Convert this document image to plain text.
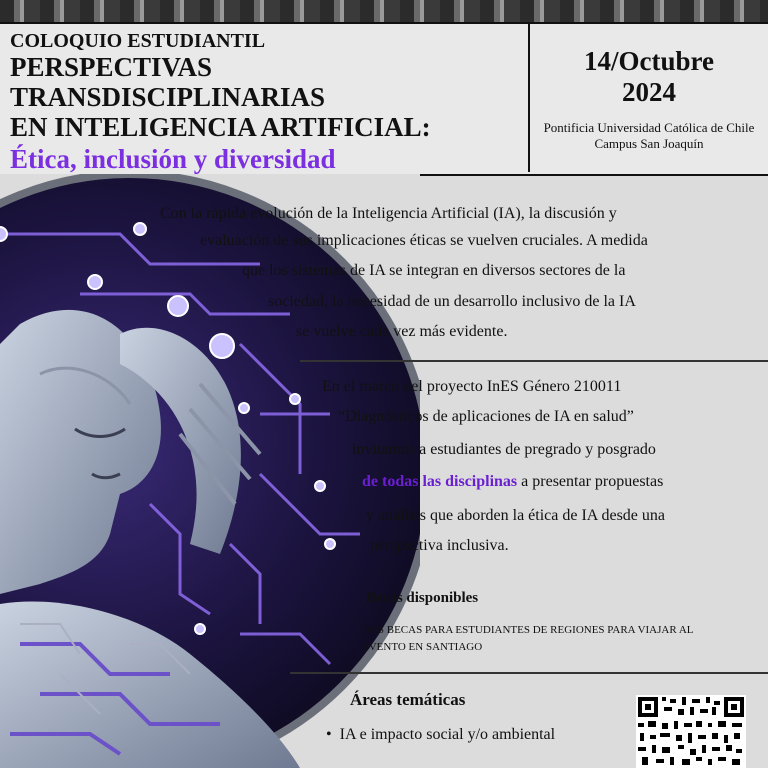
COLOQUIO ESTUDIANTIL
PERSPECTIVAS TRANSDISCIPLINARIAS
EN INTELIGENCIA ARTIFICIAL:
Ética, inclusión y diversidad
14/Octubre
2024
Pontificia Universidad Católica de Chile
Campus San Joaquín
Con la rápida evolución de la Inteligencia Artificial (IA), la discusión y
evaluación de sus implicaciones éticas se vuelven cruciales. A medida
que los sistemas de IA se integran en diversos sectores de la
sociedad, la necesidad de un desarrollo inclusivo de la IA
se vuelve cada vez más evidente.
En el marco del proyecto InES Género 210011
“Diagnósticos de aplicaciones de IA en salud”
invitamos a estudiantes de pregrado y posgrado
de todas las disciplinas a presentar propuestas
y análisis que aborden la ética de IA desde una
perspectiva inclusiva.
Becas disponibles
DOS BECAS PARA ESTUDIANTES DE REGIONES PARA VIAJAR AL
EVENTO EN SANTIAGO
Áreas temáticas
•  IA e impacto social y/o ambiental
